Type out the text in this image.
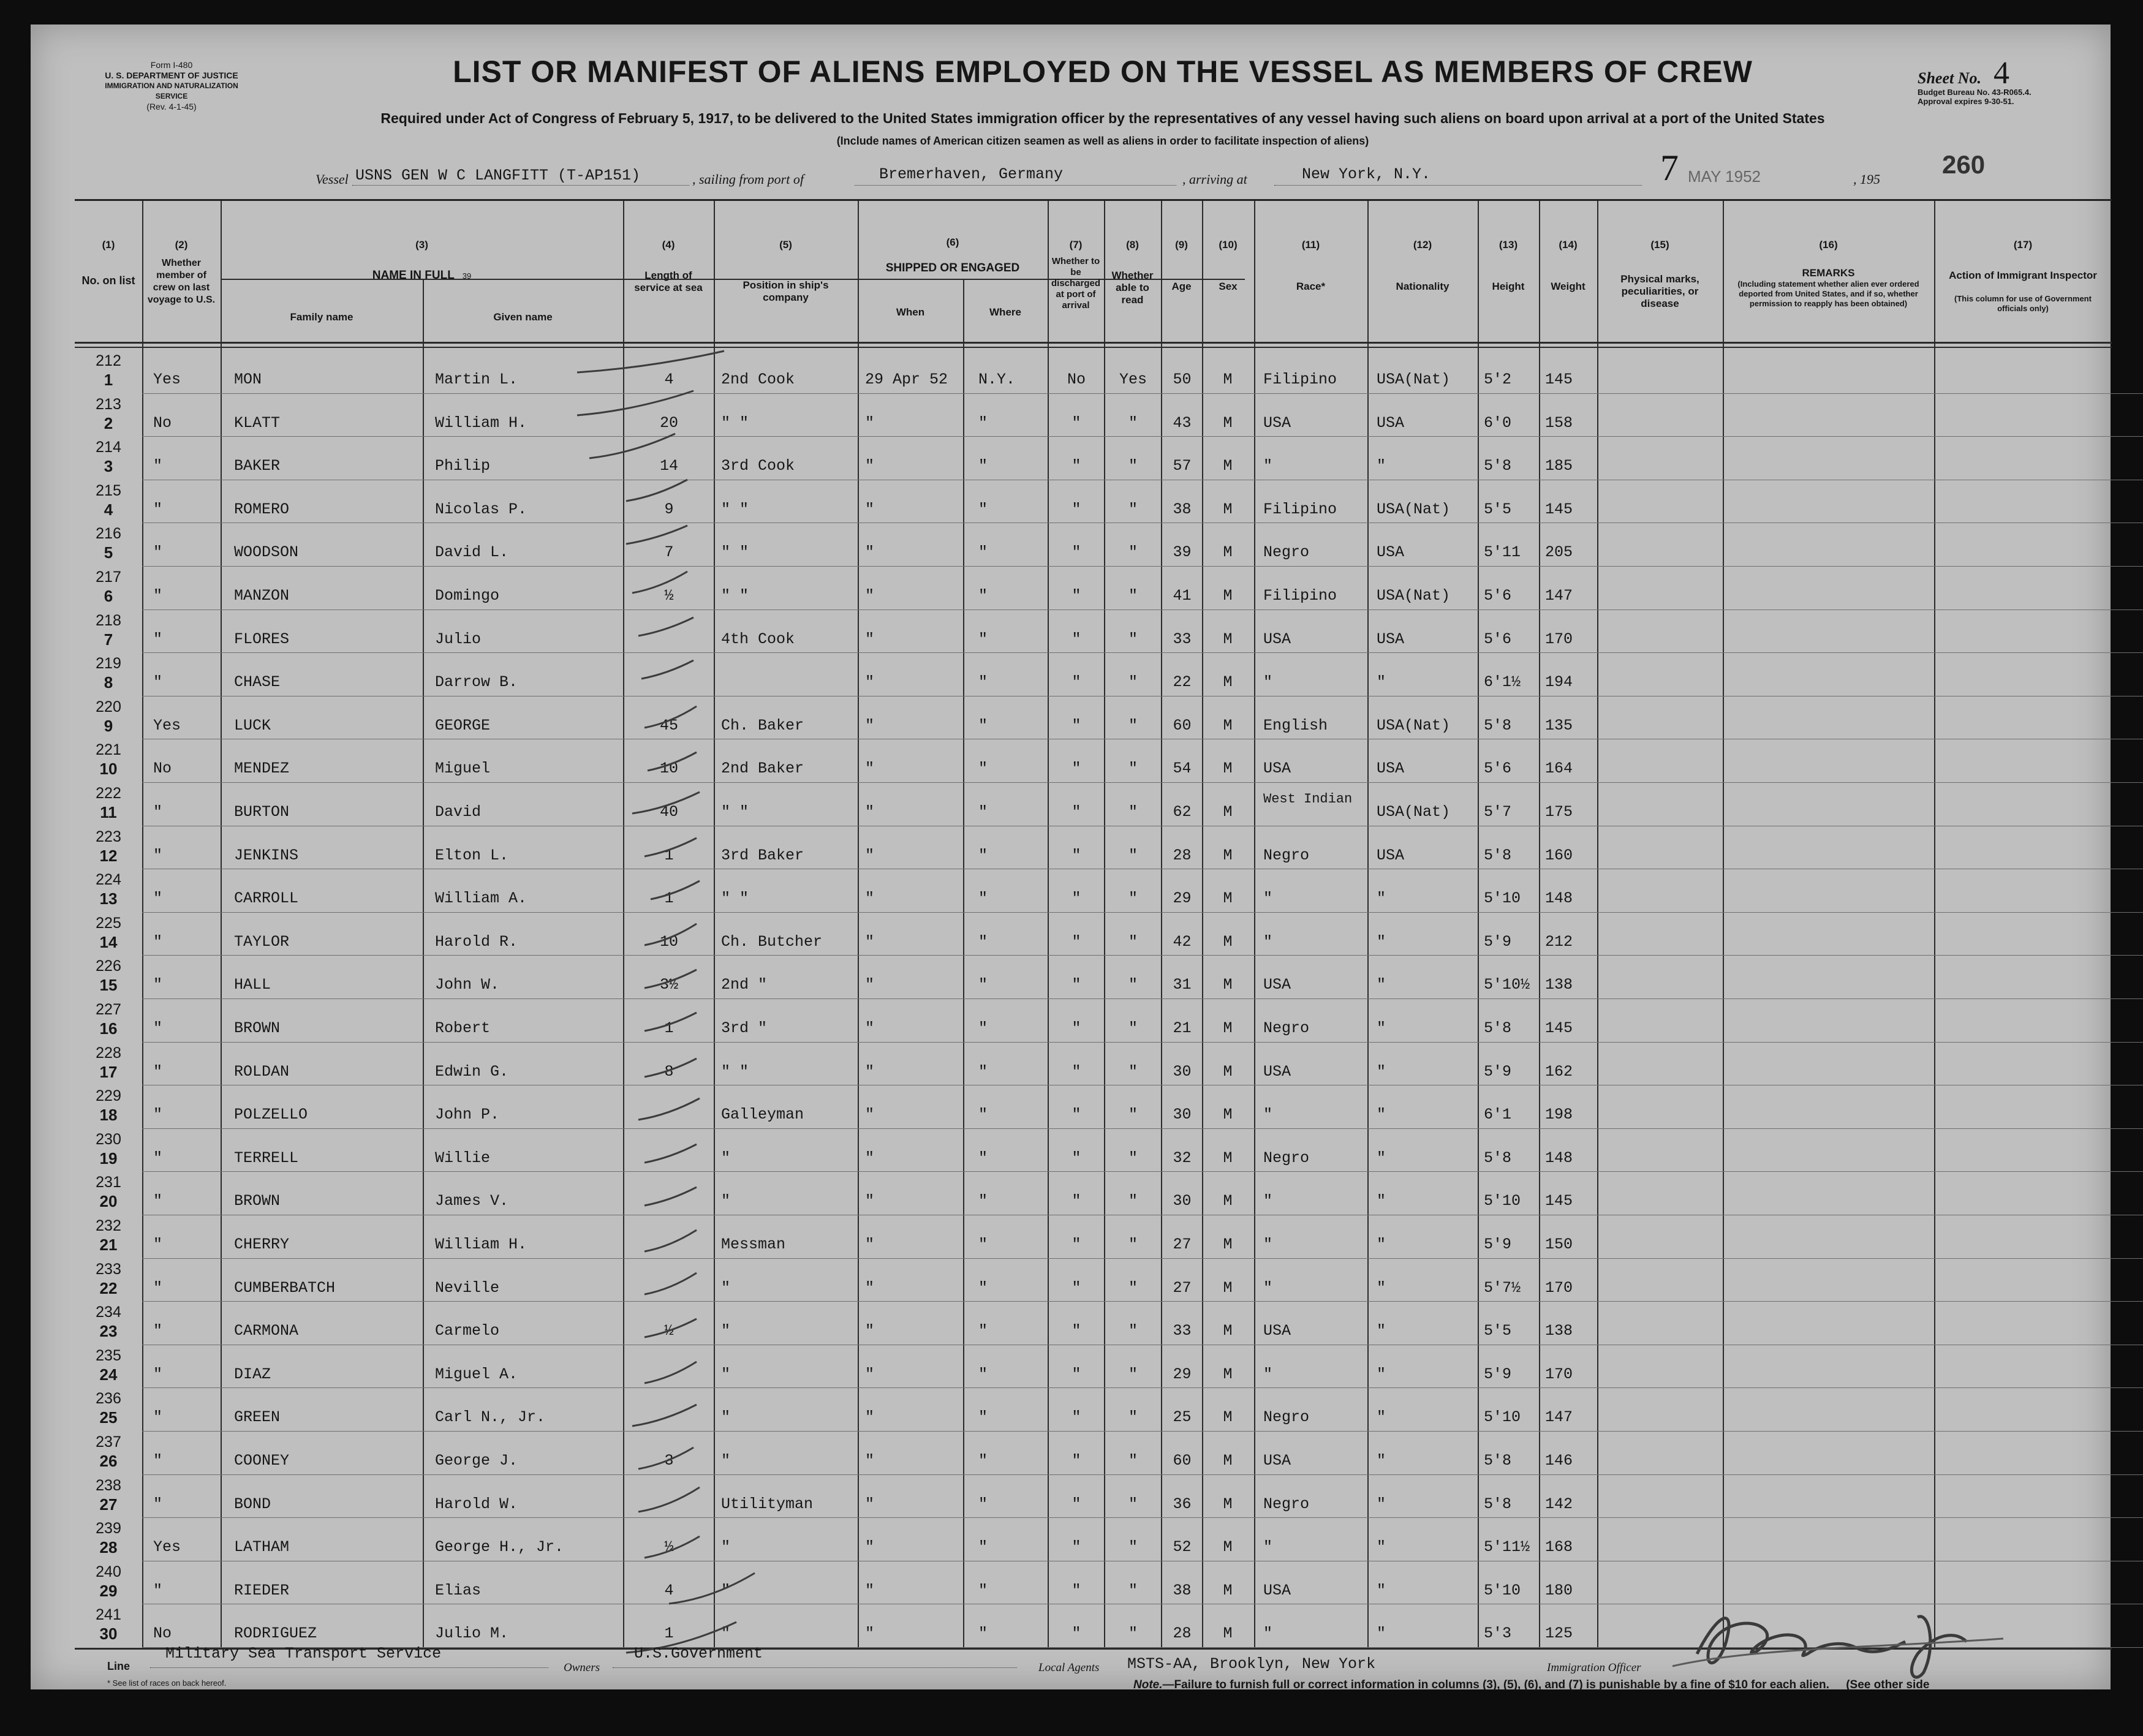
Form I-480
U. S. DEPARTMENT OF JUSTICE
IMMIGRATION AND NATURALIZATION SERVICE
(Rev. 4-1-45)
LIST OR MANIFEST OF ALIENS EMPLOYED ON THE VESSEL AS MEMBERS OF CREW
Required under Act of Congress of February 5, 1917, to be delivered to the United States immigration officer by the representatives of any vessel having such aliens on board upon arrival at a port of the United States
(Include names of American citizen seamen as well as aliens in order to facilitate inspection of aliens)
Sheet No. 4
Budget Bureau No. 43-R065.4.
Approval expires 9-30-51.
Vessel USNS GEN W C LANGFITT (T-AP151)	, sailing from port of	Bremerhaven, Germany	, arriving at	New York, N.Y.	7 MAY 1952	, 195
260
(1)
No. on list
(2)
Whether member of crew on last voyage to U.S.
(3)
NAME IN FULL 39
Family name	Given name
(4)
Length of service at sea
(5)
Position in ship's company
(6)
SHIPPED OR ENGAGED
When	Where
(7)
Whether to be discharged at port of arrival
(8)
Whether able to read
(9)
Age
(10)
Sex
(11)
Race*
(12)
Nationality
(13)
Height
(14)
Weight
(15)
Physical marks, peculiarities, or disease
(16)
REMARKS
(Including statement whether alien ever ordered deported from United States, and if so, whether permission to reapply has been obtained)
(17)
Action of Immigrant Inspector
(This column for use of Government officials only)
212
1	Yes	MON	Martin L.	4	2nd Cook	29 Apr 52 N.Y.	No	Yes	50	M	Filipino	USA(Nat) 5'2 145
213
2	No	KLATT	William H.	20	" "	"	"	"	"	43	M	USA	USA	6'0 158
214
3	"	BAKER	Philip	14	3rd Cook	"	"	"	"	57	M	"	"	5'8 185
215
4	"	ROMERO	Nicolas P.	9	" "	"	"	"	"	38	M	Filipino	USA(Nat) 5'5 145
216
5	"	WOODSON	David L.	7	" "	"	"	"	"	39	M	Negro	USA	5'11 205
217
6	"	MANZON	Domingo	½	" "	"	"	"	"	41	M	Filipino	USA(Nat) 5'6 147
218
7	"	FLORES	Julio	4th Cook	"	"	"	"	33	M	USA	USA	5'6 170
219
8	"	CHASE	Darrow B.	"	"	"	"	22	M	"	"	6'1½ 194
220
9	Yes	LUCK	GEORGE	45	Ch. Baker	"	"	"	"	60	M	English	USA(Nat) 5'8 135
221
10	No	MENDEZ	Miguel	10	2nd Baker	"	"	"	"	54	M	USA	USA	5'6 164
222
11	"	BURTON	David	40	" "	"	"	"	"	62	M
West Indian
USA(Nat) 5'7 175
223
12	"	JENKINS	Elton L.	1	3rd Baker	"	"	"	"	28	M	Negro	USA	5'8 160
224
13	"	CARROLL	William A.	1	" "	"	"	"	"	29	M	"	"	5'10 148
225
14	"	TAYLOR	Harold R.	10	Ch. Butcher	"	"	"	"	42	M	"	"	5'9 212
226
15	"	HALL	John W.	3½	2nd "	"	"	"	"	31	M	USA	"	5'10½ 138
227
16	"	BROWN	Robert	1	3rd "	"	"	"	"	21	M	Negro	"	5'8 145
228
17	"	ROLDAN	Edwin G.	8	" "	"	"	"	"	30	M	USA	"	5'9 162
229
18	"	POLZELLO	John P.	Galleyman	"	"	"	"	30	M	"	"	6'1 198
230
19	"	TERRELL	Willie	"	"	"	"	"	32	M	Negro	"	5'8 148
231
20	"	BROWN	James V.	"	"	"	"	"	30	M	"	"	5'10 145
232
21	"	CHERRY	William H.	Messman	"	"	"	"	27	M	"	"	5'9 150
233
22	"	CUMBERBATCH	Neville	"	"	"	"	"	27	M	"	"	5'7½ 170
234
23	"	CARMONA	Carmelo	½	"	"	"	"	"	33	M	USA	"	5'5 138
235
24	"	DIAZ	Miguel A.	"	"	"	"	"	29	M	"	"	5'9 170
236
25	"	GREEN	Carl N., Jr.	"	"	"	"	"	25	M	Negro	"	5'10 147
237
26	"	COONEY	George J.	3	"	"	"	"	"	60	M	USA	"	5'8 146
238
27	"	BOND	Harold W.	Utilityman	"	"	"	"	36	M	Negro	"	5'8 142
239
28	Yes	LATHAM	George H., Jr.	½	"	"	"	"	"	52	M	"	"	5'11½ 168
240
29	"	RIEDER	Elias	4	"	"	"	"	"	38	M	USA	"	5'10 180
241
30	No	RODRIGUEZ	Julio M.	1	"	"	"	"	"	28	M	"	"	5'3 125
Line
Military Sea Transport Service
Owners
U.S.Government
Local Agents MSTS-AA, Brooklyn, New York	Immigration Officer
* See list of races on back hereof.	Note.—Failure to furnish full or correct information in columns (3), (5), (6), and (7) is punishable by a fine of $10 for each alien. (See other side
